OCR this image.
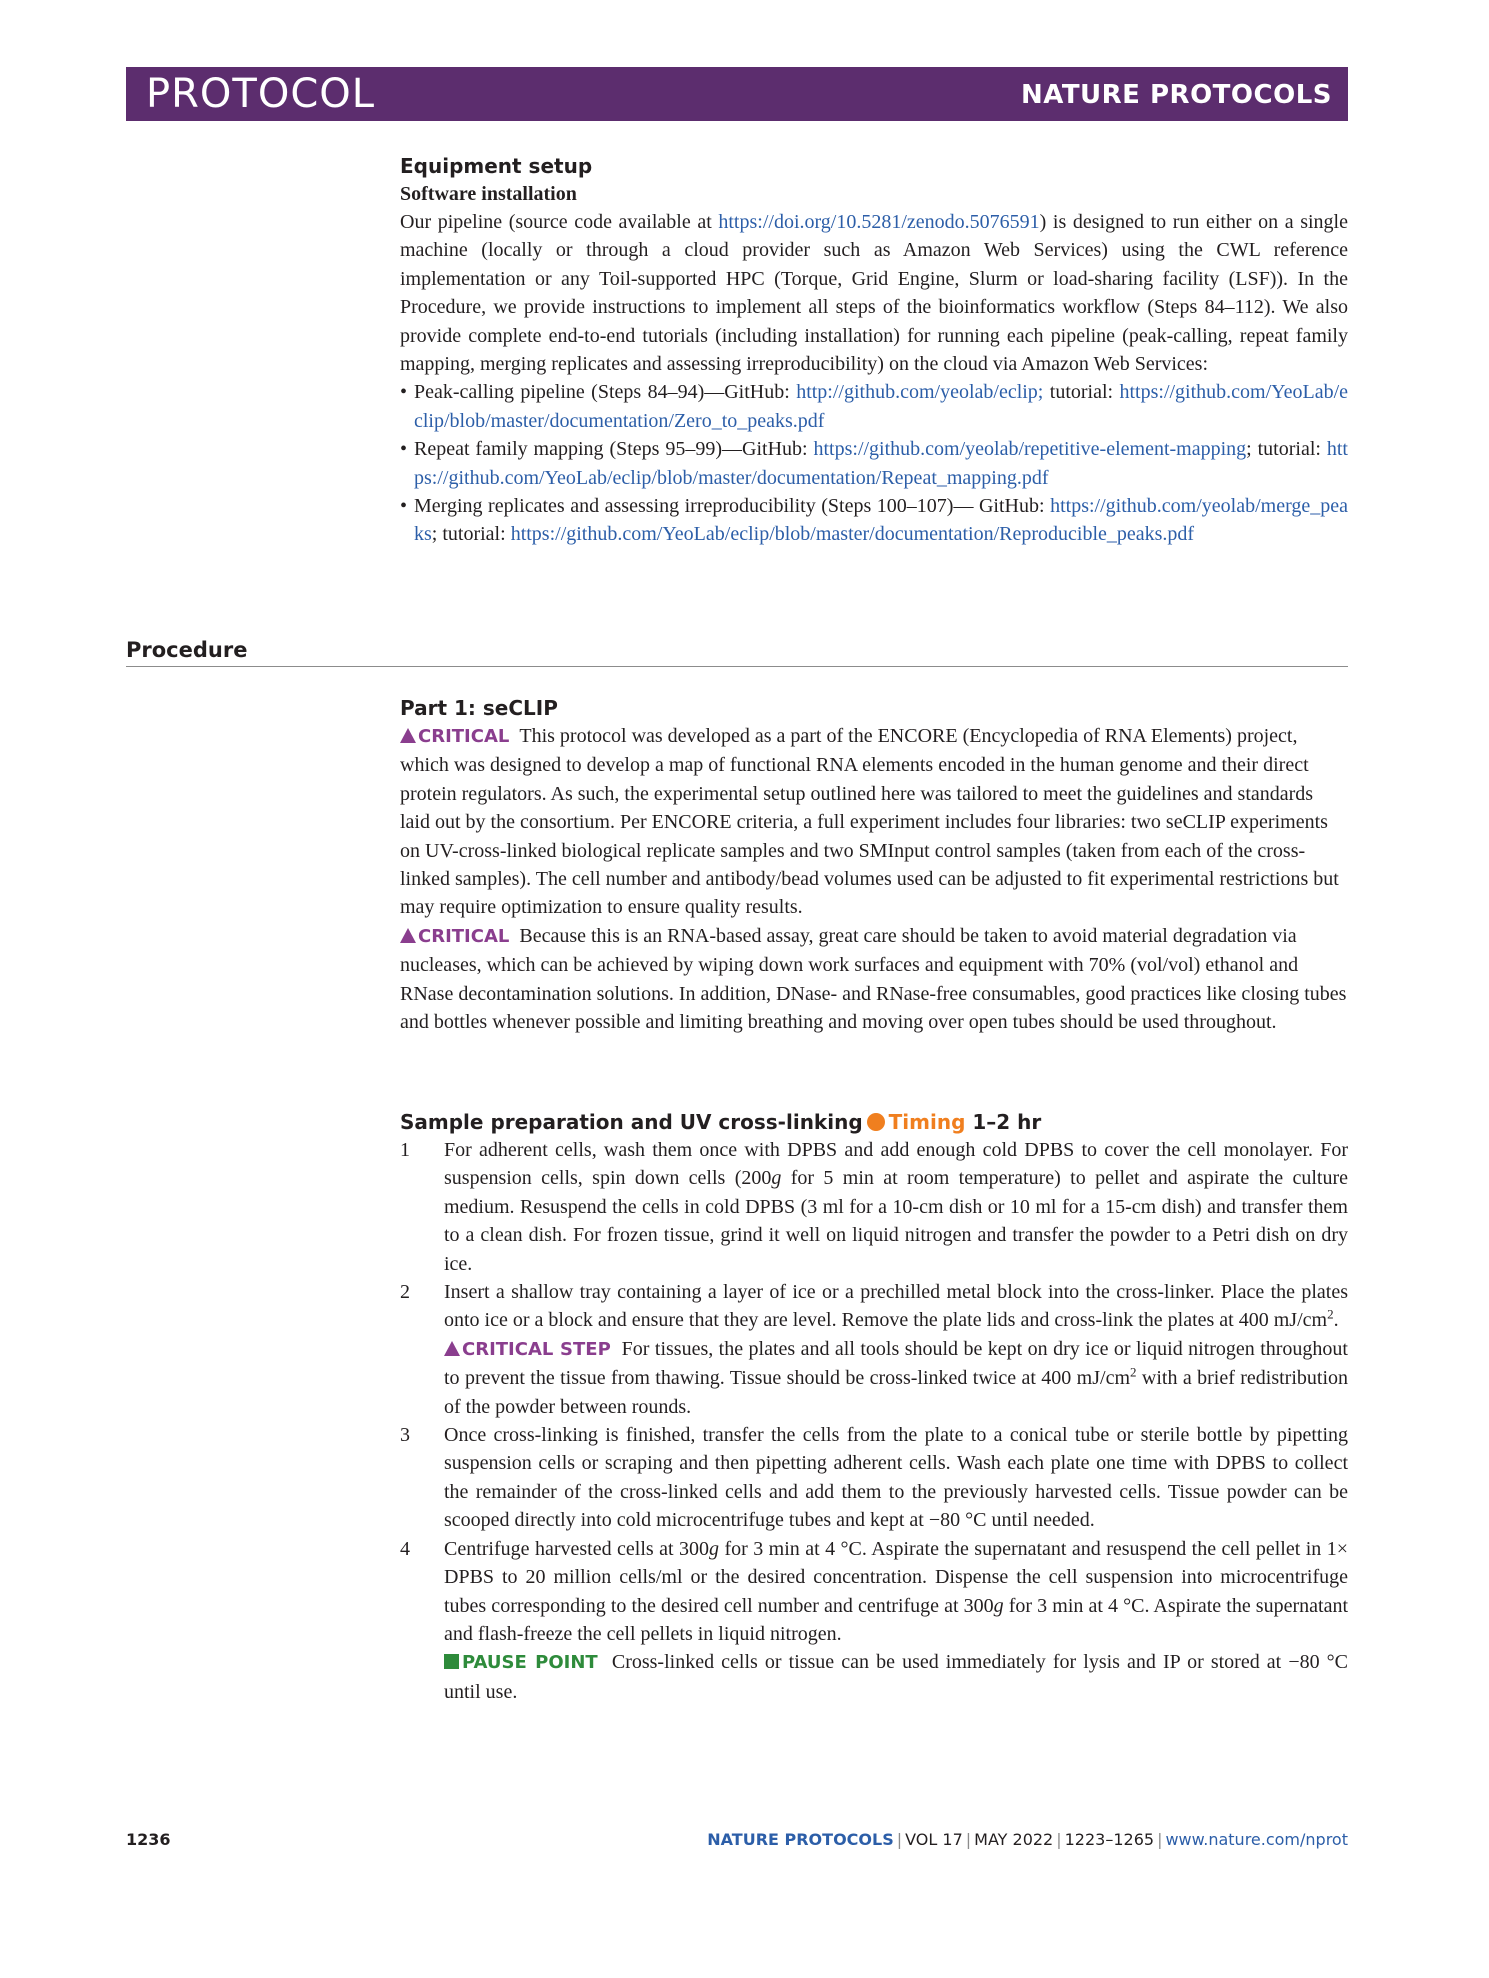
PROTOCOL	NATURE PROTOCOLS
Equipment setup
Software installation

Our pipeline (source code available at https://doi.org/10.5281/zenodo.5076591) is designed to run either on a single machine (locally or through a cloud provider such as Amazon Web Services) using the CWL reference implementation or any Toil-supported HPC (Torque, Grid Engine, Slurm or load-sharing facility (LSF)). In the Procedure, we provide instructions to implement all steps of the bioinformatics workflow (Steps 84–112). We also provide complete end-to-end tutorials (including installation) for running each pipeline (peak-calling, repeat family mapping, merging replicates and assessing irreproducibility) on the cloud via Amazon Web Services:

• Peak-calling pipeline (Steps 84–94)—GitHub: http://github.com/yeolab/eclip; tutorial: https://github.com/YeoLab/eclip/blob/master/documentation/Zero_to_peaks.pdf
• Repeat family mapping (Steps 95–99)—GitHub: https://github.com/yeolab/repetitive-element-mapping; tutorial: https://github.com/YeoLab/eclip/blob/master/documentation/Repeat_mapping.pdf
• Merging replicates and assessing irreproducibility (Steps 100–107)— GitHub: https://github.com/yeolab/merge_peaks; tutorial: https://github.com/YeoLab/eclip/blob/master/documentation/Reproducible_peaks.pdf
Procedure
Part 1: seCLIP

CRITICAL This protocol was developed as a part of the ENCORE (Encyclopedia of RNA Elements) project, which was designed to develop a map of functional RNA elements encoded in the human genome and their direct protein regulators. As such, the experimental setup outlined here was tailored to meet the guidelines and standards laid out by the consortium. Per ENCORE criteria, a full experiment includes four libraries: two seCLIP experiments on UV-cross-linked biological replicate samples and two SMInput control samples (taken from each of the cross-linked samples). The cell number and antibody/bead volumes used can be adjusted to fit experimental restrictions but may require optimization to ensure quality results.

CRITICAL Because this is an RNA-based assay, great care should be taken to avoid material degradation via nucleases, which can be achieved by wiping down work surfaces and equipment with 70% (vol/vol) ethanol and RNase decontamination solutions. In addition, DNase- and RNase-free consumables, good practices like closing tubes and bottles whenever possible and limiting breathing and moving over open tubes should be used throughout.

Sample preparation and UV cross-linking Timing 1–2 hr
1 For adherent cells, wash them once with DPBS and add enough cold DPBS to cover the cell monolayer. For suspension cells, spin down cells (200g for 5 min at room temperature) to pellet and aspirate the culture medium. Resuspend the cells in cold DPBS (3 ml for a 10-cm dish or 10 ml for a 15-cm dish) and transfer them to a clean dish. For frozen tissue, grind it well on liquid nitrogen and transfer the powder to a Petri dish on dry ice.

2 Insert a shallow tray containing a layer of ice or a prechilled metal block into the cross-linker. Place the plates onto ice or a block and ensure that they are level. Remove the plate lids and cross-link the plates at 400 $mJ/cm^2$.

CRITICAL STEP For tissues, the plates and all tools should be kept on dry ice or liquid nitrogen throughout to prevent the tissue from thawing. Tissue should be cross-linked twice at 400 $mJ/cm^2$ with a brief redistribution of the powder between rounds.

3 Once cross-linking is finished, transfer the cells from the plate to a conical tube or sterile bottle by pipetting suspension cells or scraping and then pipetting adherent cells. Wash each plate one time with DPBS to collect the remainder of the cross-linked cells and add them to the previously harvested cells. Tissue powder can be scooped directly into cold microcentrifuge tubes and kept at −80 °C until needed.

4 Centrifuge harvested cells at 300g for 3 min at 4 °C. Aspirate the supernatant and resuspend the cell pellet in 1× DPBS to 20 million cells/ml or the desired concentration. Dispense the cell suspension into microcentrifuge tubes corresponding to the desired cell number and centrifuge at 300g for 3 min at 4 °C. Aspirate the supernatant and flash-freeze the cell pellets in liquid nitrogen.

PAUSE POINT Cross-linked cells or tissue can be used immediately for lysis and IP or stored at −80 °C until use.

1236	NATURE PROTOCOLS | VOL 17 | MAY 2022 | 1223–1265 | www.nature.com/nprot
